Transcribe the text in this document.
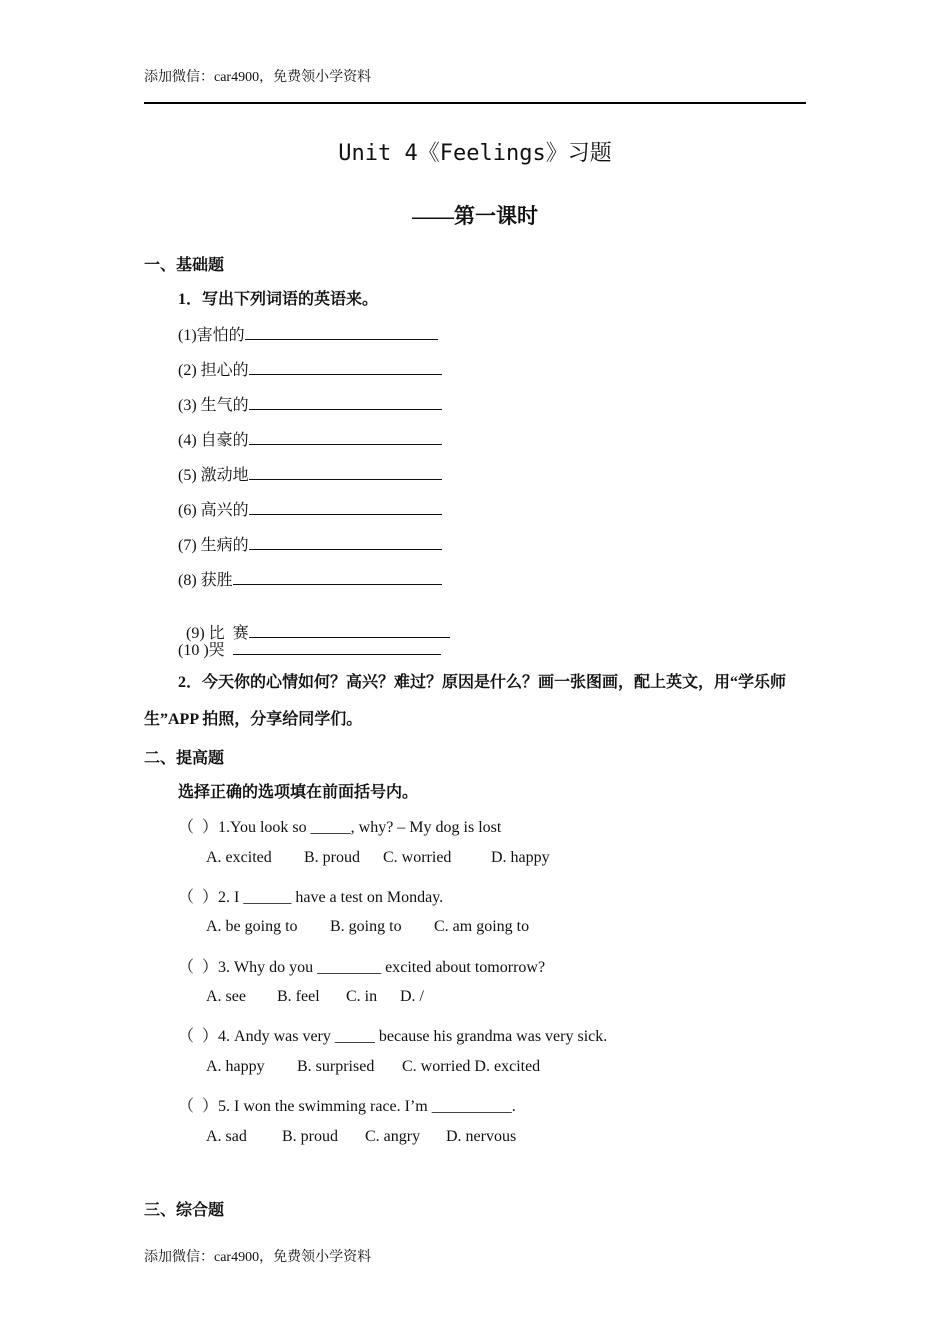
添加微信：car4900，免费领小学资料
Unit 4《Feelings》习题
——第一课时
一、基础题
1．写出下列词语的英语来。
(1)害怕的
(2) 担心的
(3) 生气的
(4) 自豪的
(5) 激动地
(6) 高兴的
(7) 生病的
(8) 获胜

(9) 比  赛

(10 )哭
2．今天你的心情如何？高兴？难过？原因是什么？画一张图画，配上英文，用“学乐师生”APP 拍照，分享给同学们。
二、提高题
选择正确的选项填在前面括号内。
（  ）1.You look so _____, why? – My dog is lost
A. excited B. proud C. worried D. happy
（  ）2. I ______ have a test on Monday.
A. be going to B. going to C. am going to
（  ）3. Why do you ________ excited about tomorrow?
A. see B. feel C. in D. /
（  ）4. Andy was very _____ because his grandma was very sick.
A. happy B. surprised C. worried D. excited
（  ）5. I won the swimming race. I’m __________.
A. sad B. proud C. angry D. nervous
三、综合题
添加微信：car4900，免费领小学资料
